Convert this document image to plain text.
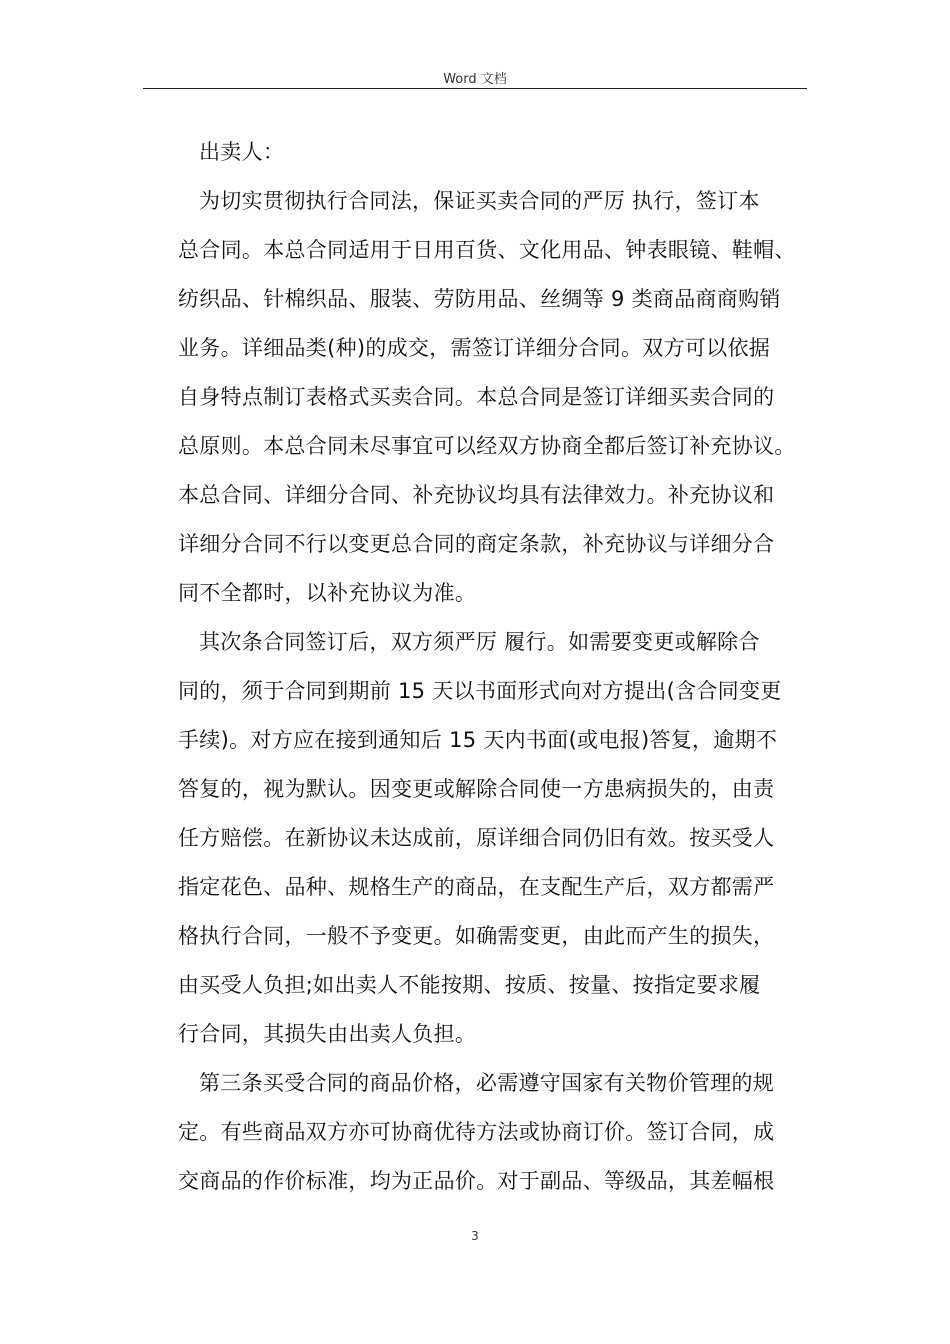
Word 文档
出卖人：
为切实贯彻执行合同法，保证买卖合同的严厉 执行，签订本
总合同。本总合同适用于日用百货、文化用品、钟表眼镜、鞋帽、
纺织品、针棉织品、服装、劳防用品、丝绸等 9 类商品商商购销
业务。详细品类(种)的成交，需签订详细分合同。双方可以依据
自身特点制订表格式买卖合同。本总合同是签订详细买卖合同的
总原则。本总合同未尽事宜可以经双方协商全都后签订补充协议。
本总合同、详细分合同、补充协议均具有法律效力。补充协议和
详细分合同不行以变更总合同的商定条款，补充协议与详细分合
同不全都时，以补充协议为准。
其次条合同签订后，双方须严厉 履行。如需要变更或解除合
同的，须于合同到期前 15 天以书面形式向对方提出(含合同变更
手续)。对方应在接到通知后 15 天内书面(或电报)答复，逾期不
答复的，视为默认。因变更或解除合同使一方患病损失的，由责
任方赔偿。在新协议未达成前，原详细合同仍旧有效。按买受人
指定花色、品种、规格生产的商品，在支配生产后，双方都需严
格执行合同，一般不予变更。如确需变更，由此而产生的损失，
由买受人负担;如出卖人不能按期、按质、按量、按指定要求履
行合同，其损失由出卖人负担。
第三条买受合同的商品价格，必需遵守国家有关物价管理的规
定。有些商品双方亦可协商优待方法或协商订价。签订合同，成
交商品的作价标准，均为正品价。对于副品、等级品，其差幅根
3
